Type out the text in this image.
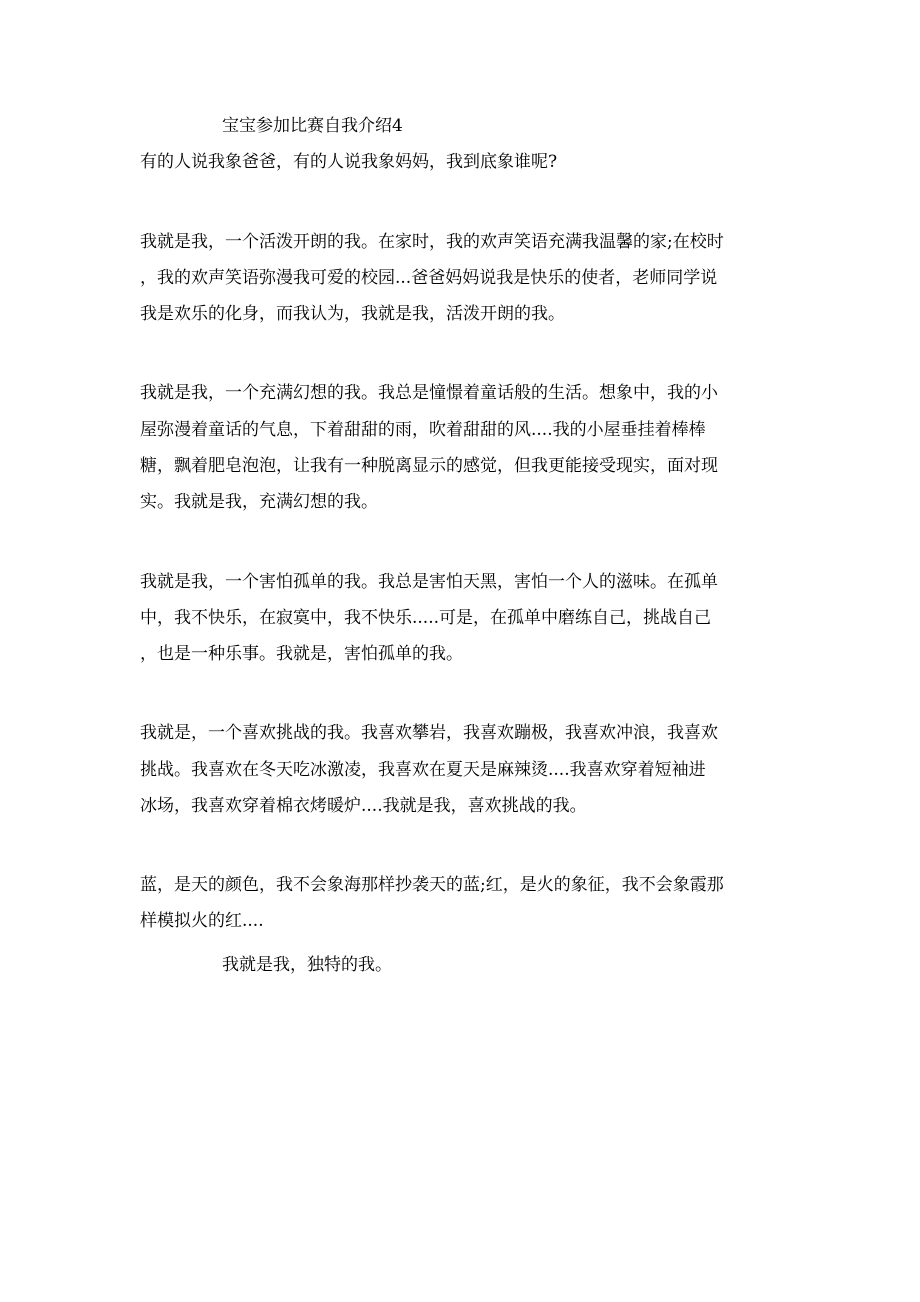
宝宝参加比赛自我介绍4
有的人说我象爸爸，有的人说我象妈妈，我到底象谁呢?
我就是我，一个活泼开朗的我。在家时，我的欢声笑语充满我温馨的家;在校时
，我的欢声笑语弥漫我可爱的校园...爸爸妈妈说我是快乐的使者，老师同学说
我是欢乐的化身，而我认为，我就是我，活泼开朗的我。
我就是我，一个充满幻想的我。我总是憧憬着童话般的生活。想象中，我的小
屋弥漫着童话的气息，下着甜甜的雨，吹着甜甜的风....我的小屋垂挂着棒棒
糖，飘着肥皂泡泡，让我有一种脱离显示的感觉，但我更能接受现实，面对现
实。我就是我，充满幻想的我。
我就是我，一个害怕孤单的我。我总是害怕天黑，害怕一个人的滋味。在孤单
中，我不快乐，在寂寞中，我不快乐.....可是，在孤单中磨练自己，挑战自己
，也是一种乐事。我就是，害怕孤单的我。
我就是，一个喜欢挑战的我。我喜欢攀岩，我喜欢蹦极，我喜欢冲浪，我喜欢
挑战。我喜欢在冬天吃冰激凌，我喜欢在夏天是麻辣烫....我喜欢穿着短袖进
冰场，我喜欢穿着棉衣烤暖炉....我就是我，喜欢挑战的我。
蓝，是天的颜色，我不会象海那样抄袭天的蓝;红，是火的象征，我不会象霞那
样模拟火的红....
我就是我，独特的我。
